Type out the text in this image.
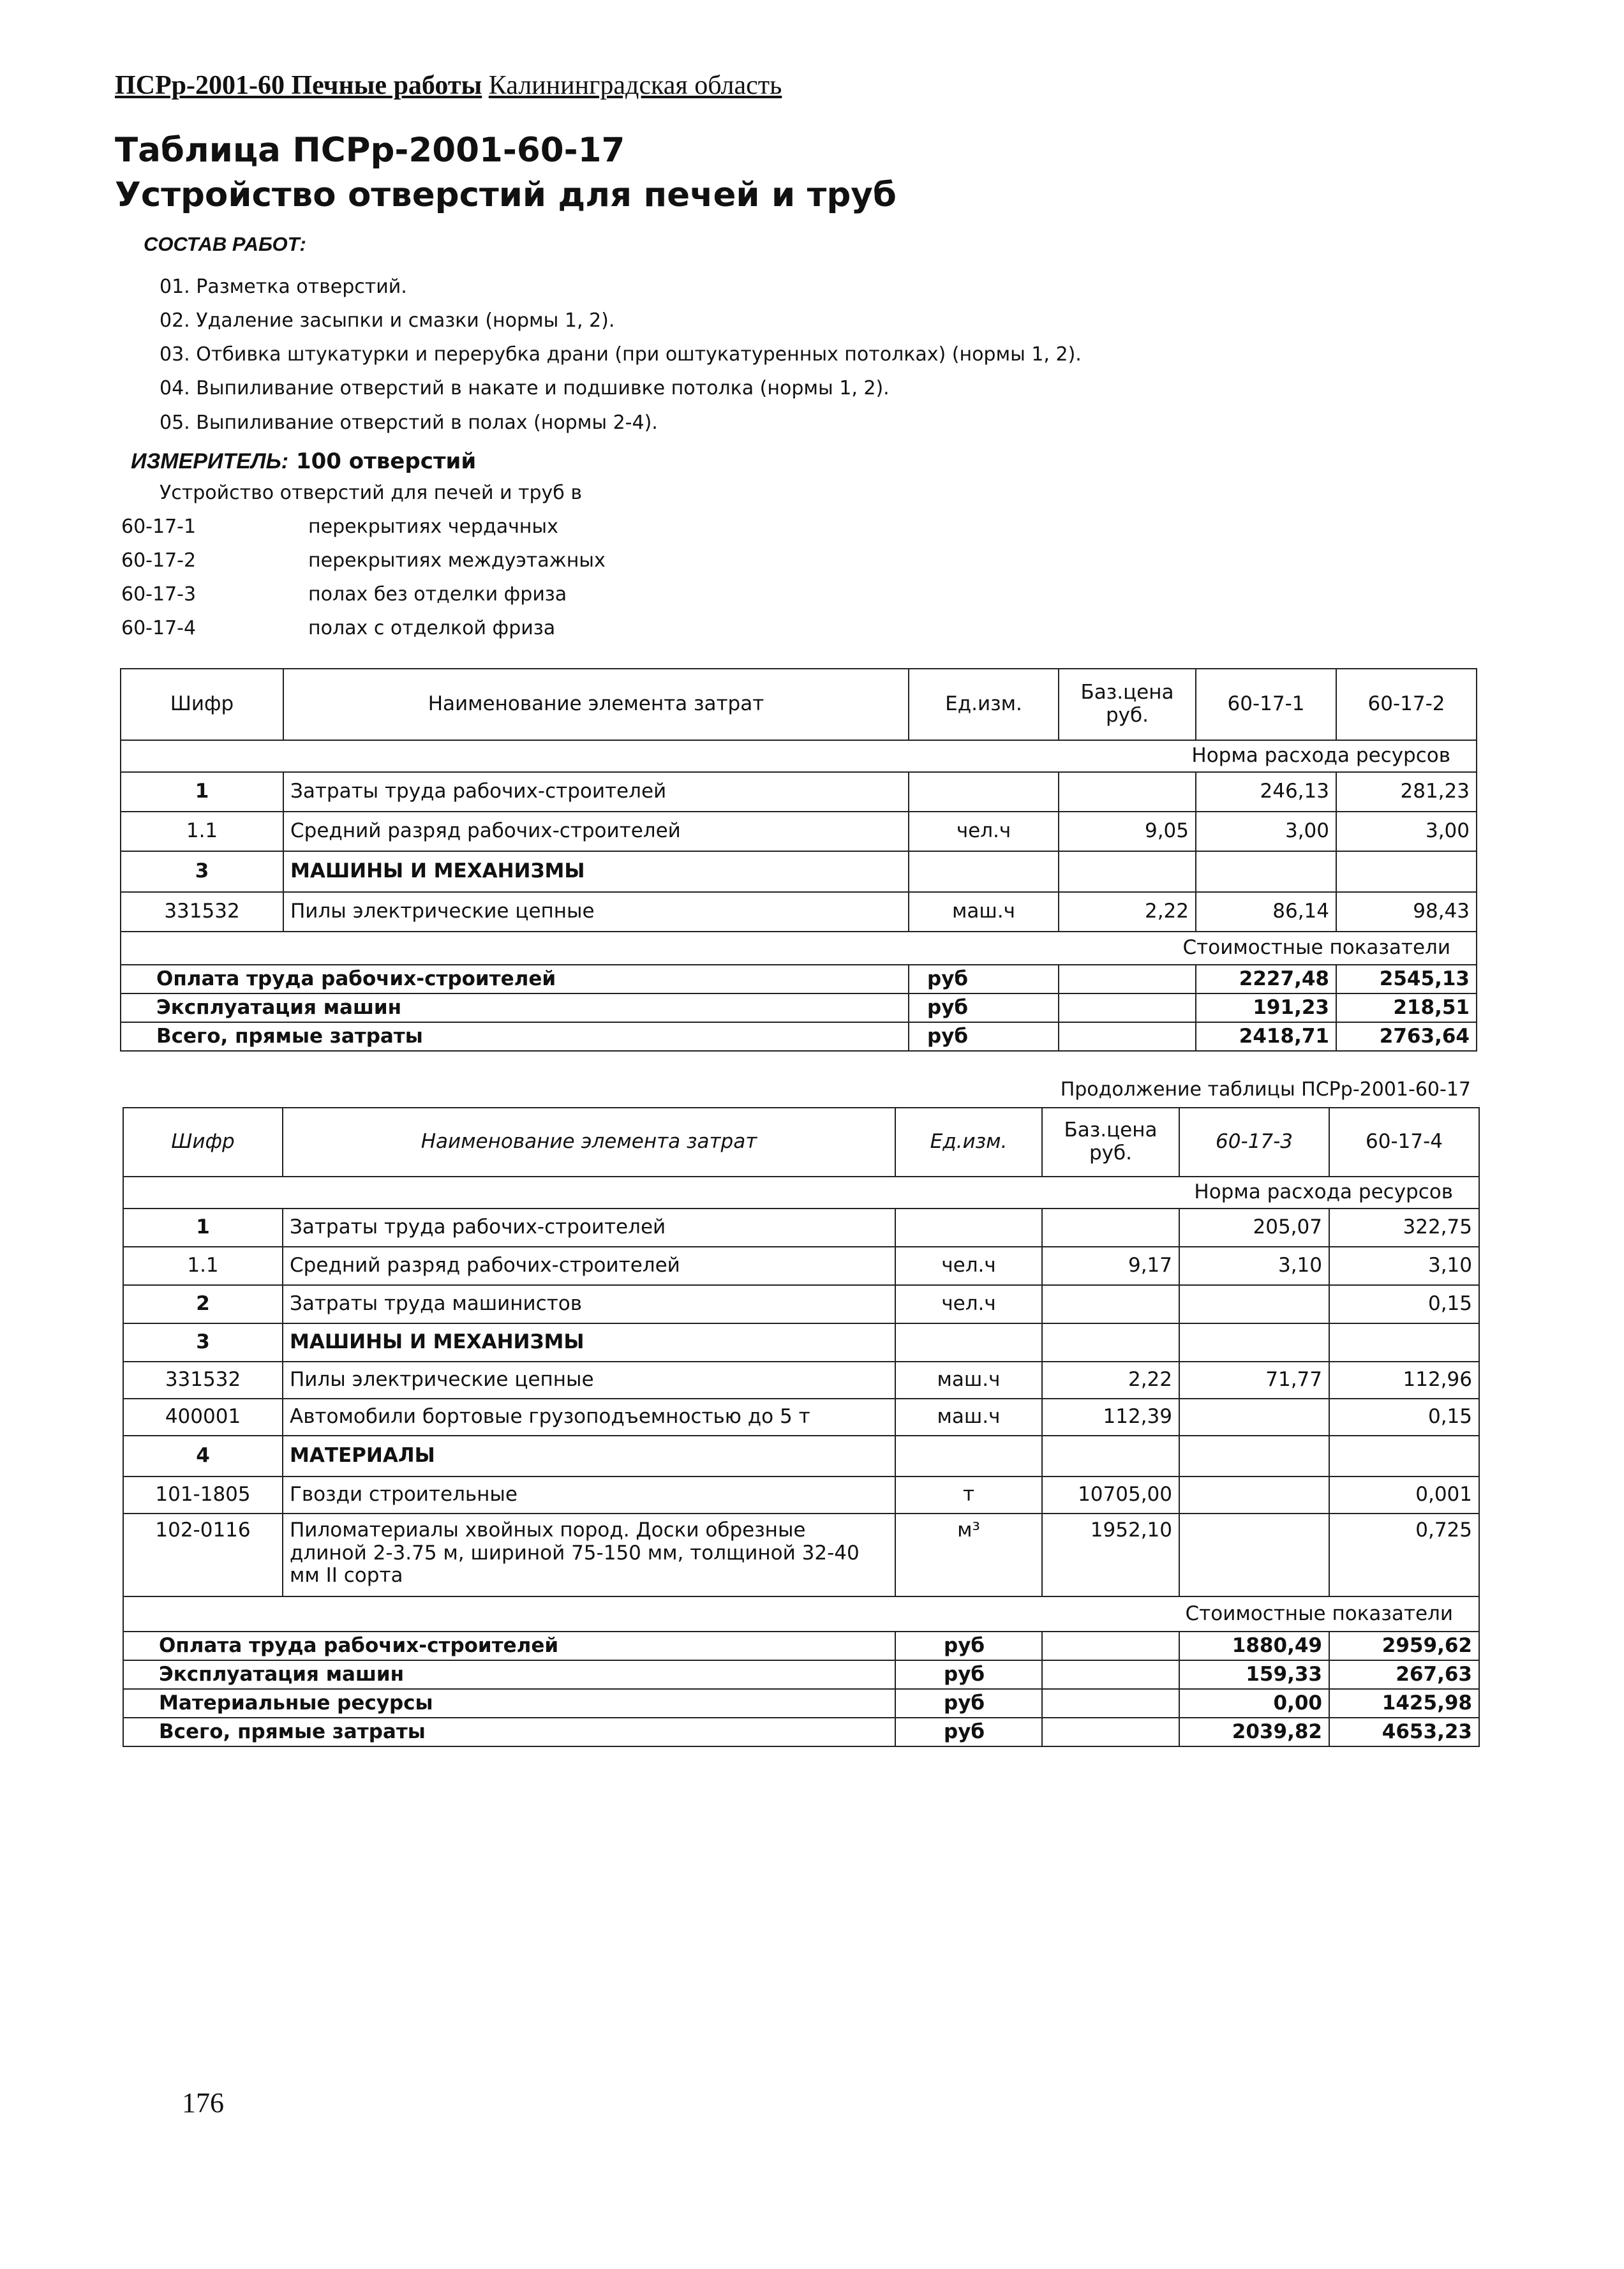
ПСРр-2001-60 Печные работы Калининградская область
Таблица ПСРр-2001-60-17
Устройство отверстий для печей и труб
СОСТАВ РАБОТ:
01. Разметка отверстий.
02. Удаление засыпки и смазки (нормы 1, 2).
03. Отбивка штукатурки и перерубка драни (при оштукатуренных потолках) (нормы 1, 2).
04. Выпиливание отверстий в накате и подшивке потолка (нормы 1, 2).
05. Выпиливание отверстий в полах (нормы 2-4).
ИЗМЕРИТЕЛЬ: 100 отверстий
Устройство отверстий для печей и труб в
60-17-1	перекрытиях чердачных
60-17-2	перекрытиях междуэтажных
60-17-3	полах без отделки фриза
60-17-4	полах с отделкой фриза
Шифр	Наименование элемента затрат	Ед.изм.	Баз.цена руб.	60-17-1	60-17-2
Норма расхода ресурсов					
1	Затраты труда рабочих-строителей			246,13	281,23
1.1	Средний разряд рабочих-строителей	чел.ч	9,05	3,00	3,00
3	МАШИНЫ И МЕХАНИЗМЫ				
331532	Пилы электрические цепные	маш.ч	2,22	86,14	98,43
Стоимостные показатели					
Оплата труда рабочих-строителей		руб		2227,48	2545,13
Эксплуатация машин		руб		191,23	218,51
Всего, прямые затраты		руб		2418,71	2763,64
Продолжение таблицы ПСРр-2001-60-17
Шифр	Наименование элемента затрат	Ед.изм.	Баз.цена руб.	60-17-3	60-17-4
Норма расхода ресурсов					
1	Затраты труда рабочих-строителей			205,07	322,75
1.1	Средний разряд рабочих-строителей	чел.ч	9,17	3,10	3,10
2	Затраты труда машинистов	чел.ч			0,15
3	МАШИНЫ И МЕХАНИЗМЫ				
331532	Пилы электрические цепные	маш.ч	2,22	71,77	112,96
400001	Автомобили бортовые грузоподъемностью до 5 т	маш.ч	112,39		0,15
4	МАТЕРИАЛЫ				
101-1805	Гвозди строительные	т	10705,00		0,001
102-0116	Пиломатериалы хвойных пород. Доски обрезные длиной 2-3.75 м, шириной 75-150 мм, толщиной 32-40 мм II сорта	м³	1952,10		0,725
Стоимостные показатели					
Оплата труда рабочих-строителей		руб		1880,49	2959,62
Эксплуатация машин		руб		159,33	267,63
Материальные ресурсы		руб		0,00	1425,98
Всего, прямые затраты		руб		2039,82	4653,23
176
